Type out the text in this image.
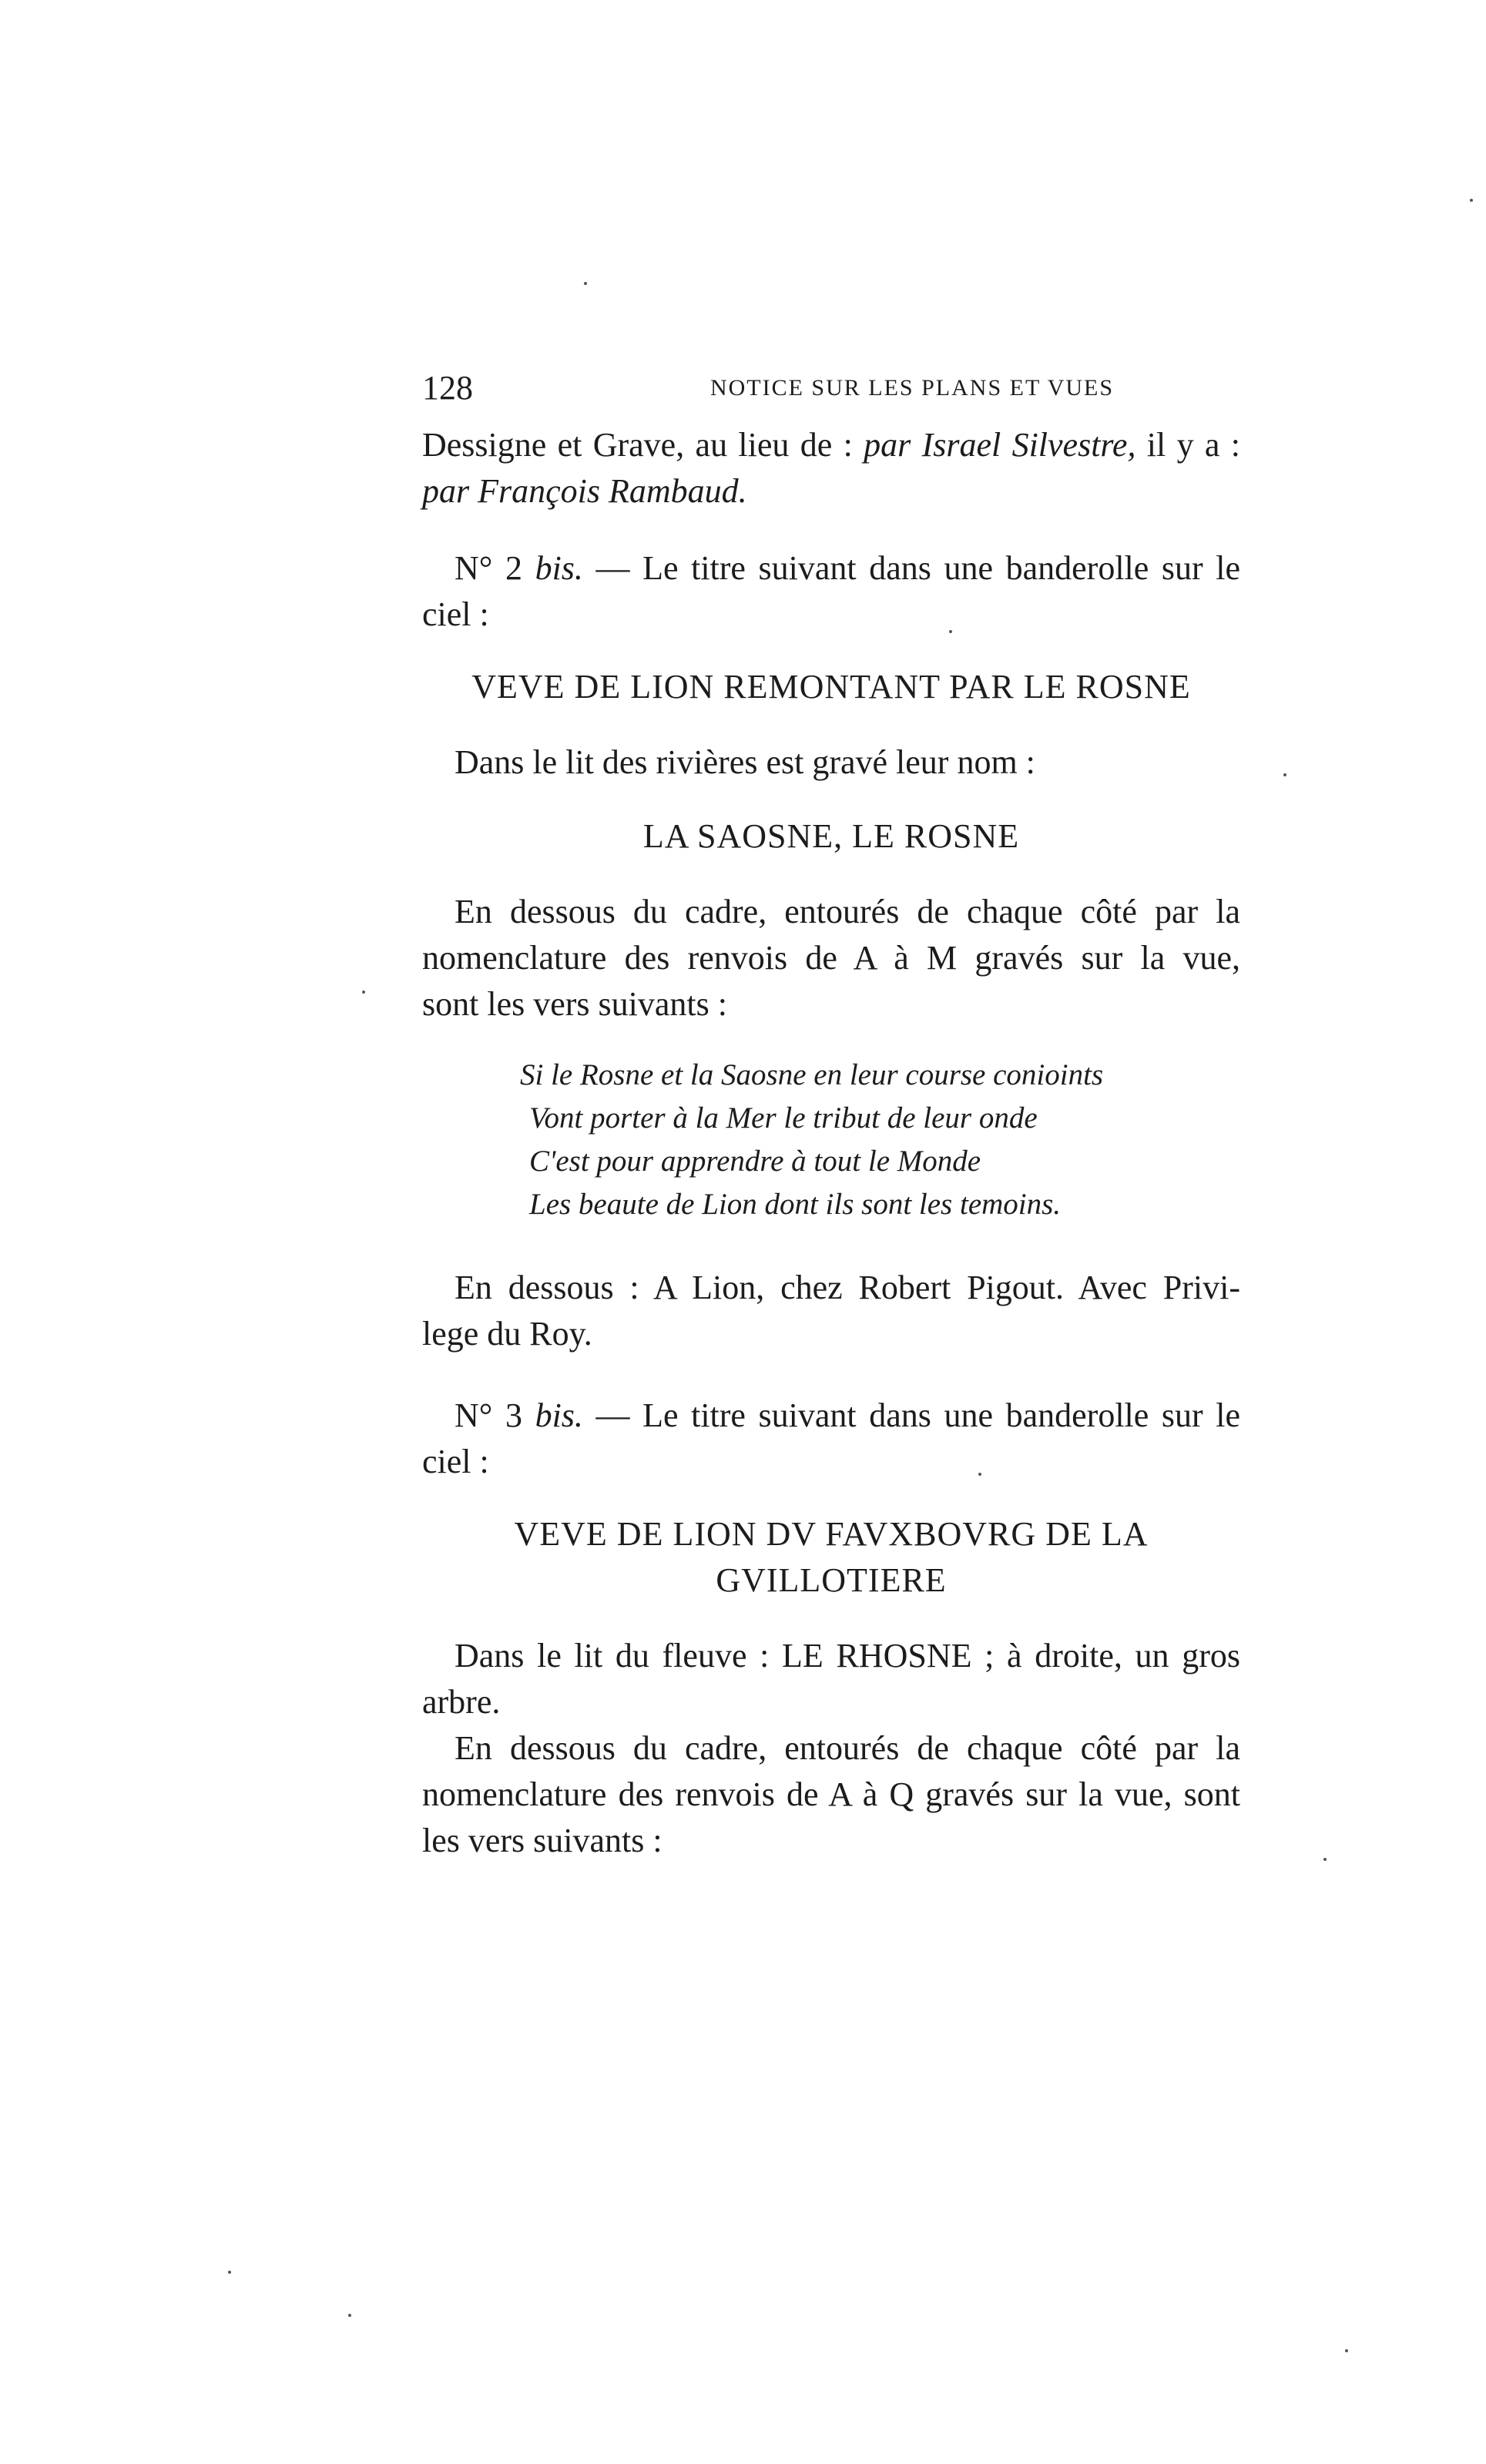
128	NOTICE SUR LES PLANS ET VUES
Dessigne et Grave, au lieu de : par Israel Silvestre, il y a :
par François Rambaud.
N° 2 bis. — Le titre suivant dans une banderolle sur le
ciel :
VEVE DE LION REMONTANT PAR LE ROSNE
Dans le lit des rivières est gravé leur nom :
LA SAOSNE, LE ROSNE
En dessous du cadre, entourés de chaque côté par la
nomenclature des renvois de A à M gravés sur la vue,
sont les vers suivants :
Si le Rosne et la Saosne en leur course conioints
Vont porter à la Mer le tribut de leur onde
C'est pour apprendre à tout le Monde
Les beaute de Lion dont ils sont les temoins.
En dessous : A Lion, chez Robert Pigout. Avec Privi-
lege du Roy.
N° 3 bis. — Le titre suivant dans une banderolle sur le
ciel :
VEVE DE LION DV FAVXBOVRG DE LA
GVILLOTIERE
Dans le lit du fleuve : LE RHOSNE ; à droite, un gros
arbre.
En dessous du cadre, entourés de chaque côté par la
nomenclature des renvois de A à Q gravés sur la vue, sont
les vers suivants :
